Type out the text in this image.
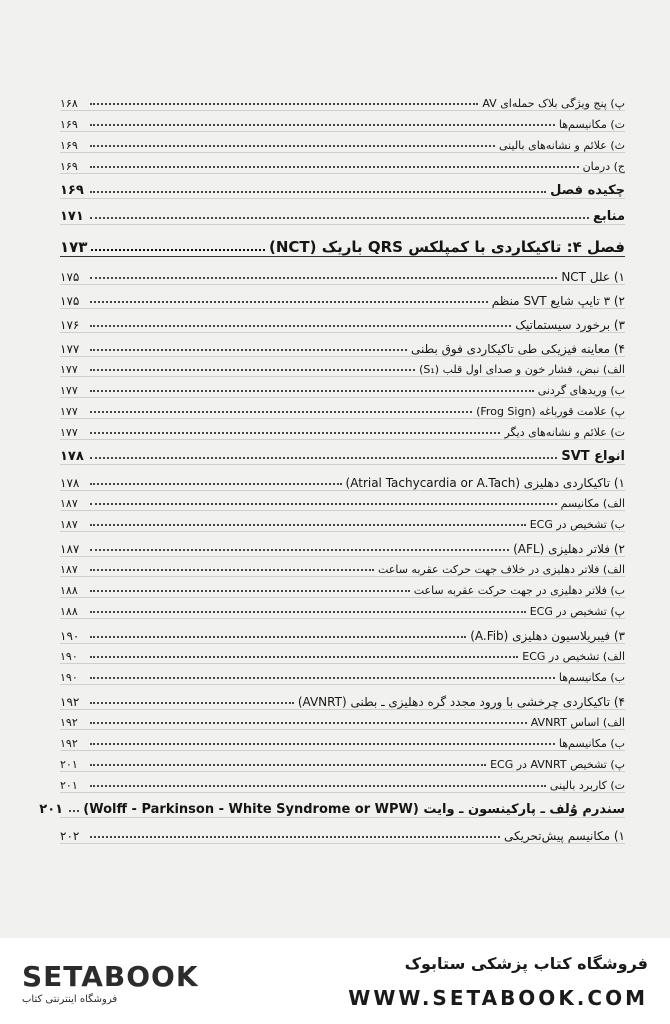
پ) پنج ویژگی بلاک حمله‌ای AV
۱۶۸
ت) مکانیسم‌ها
۱۶۹
ث) علائم و نشانه‌های بالینی
۱۶۹
ج) درمان
۱۶۹
چکیده فصل
۱۶۹
منابع
۱۷۱
فصل ۴: تاکیکاردی با کمپلکس QRS باریک (NCT)
۱۷۳
۱) علل NCT
۱۷۵
۲) ۳ تایپ شایع SVT منظم
۱۷۵
۳) برخورد سیستماتیک
۱۷۶
۴) معاینه فیزیکی طی تاکیکاردی فوق بطنی
۱۷۷
الف) نبض، فشار خون و صدای اول قلب (S₁)
۱۷۷
ب) وریدهای گردنی
۱۷۷
پ) علامت قورباغه (Frog Sign)
۱۷۷
ت) علائم و نشانه‌های دیگر
۱۷۷
انواع SVT
۱۷۸
۱) تاکیکاردی دهلیزی (Atrial Tachycardia or A.Tach)
۱۷۸
الف) مکانیسم
۱۸۷
ب) تشخیص در ECG
۱۸۷
۲) فلاتر دهلیزی (AFL)
۱۸۷
الف) فلاتر دهلیزی در خلاف جهت حرکت عقربه ساعت
۱۸۷
ب) فلاتر دهلیزی در جهت حرکت عقربه ساعت
۱۸۸
پ) تشخیص در ECG
۱۸۸
۳) فیبریلاسیون دهلیزی (A.Fib)
۱۹۰
الف) تشخیص در ECG
۱۹۰
ب) مکانیسم‌ها
۱۹۰
۴) تاکیکاردی چرخشی با ورود مجدد گره دهلیزی ـ بطنی (AVNRT)
۱۹۲
الف) اساس AVNRT
۱۹۲
ب) مکانیسم‌ها
۱۹۲
پ) تشخیص AVNRT در ECG
۲۰۱
ت) کاربرد بالینی
۲۰۱
سندرم وُلف ـ پارکینسون ـ وایت (Wolff - Parkinson - White Syndrome or WPW)
۲۰۱
۱) مکانیسم پیش‌تحریکی
۲۰۲
SETABOOK
فروشگاه اینترنتی کتاب
فروشگاه کتاب پزشکی ستابوک
WWW.SETABOOK.COM
